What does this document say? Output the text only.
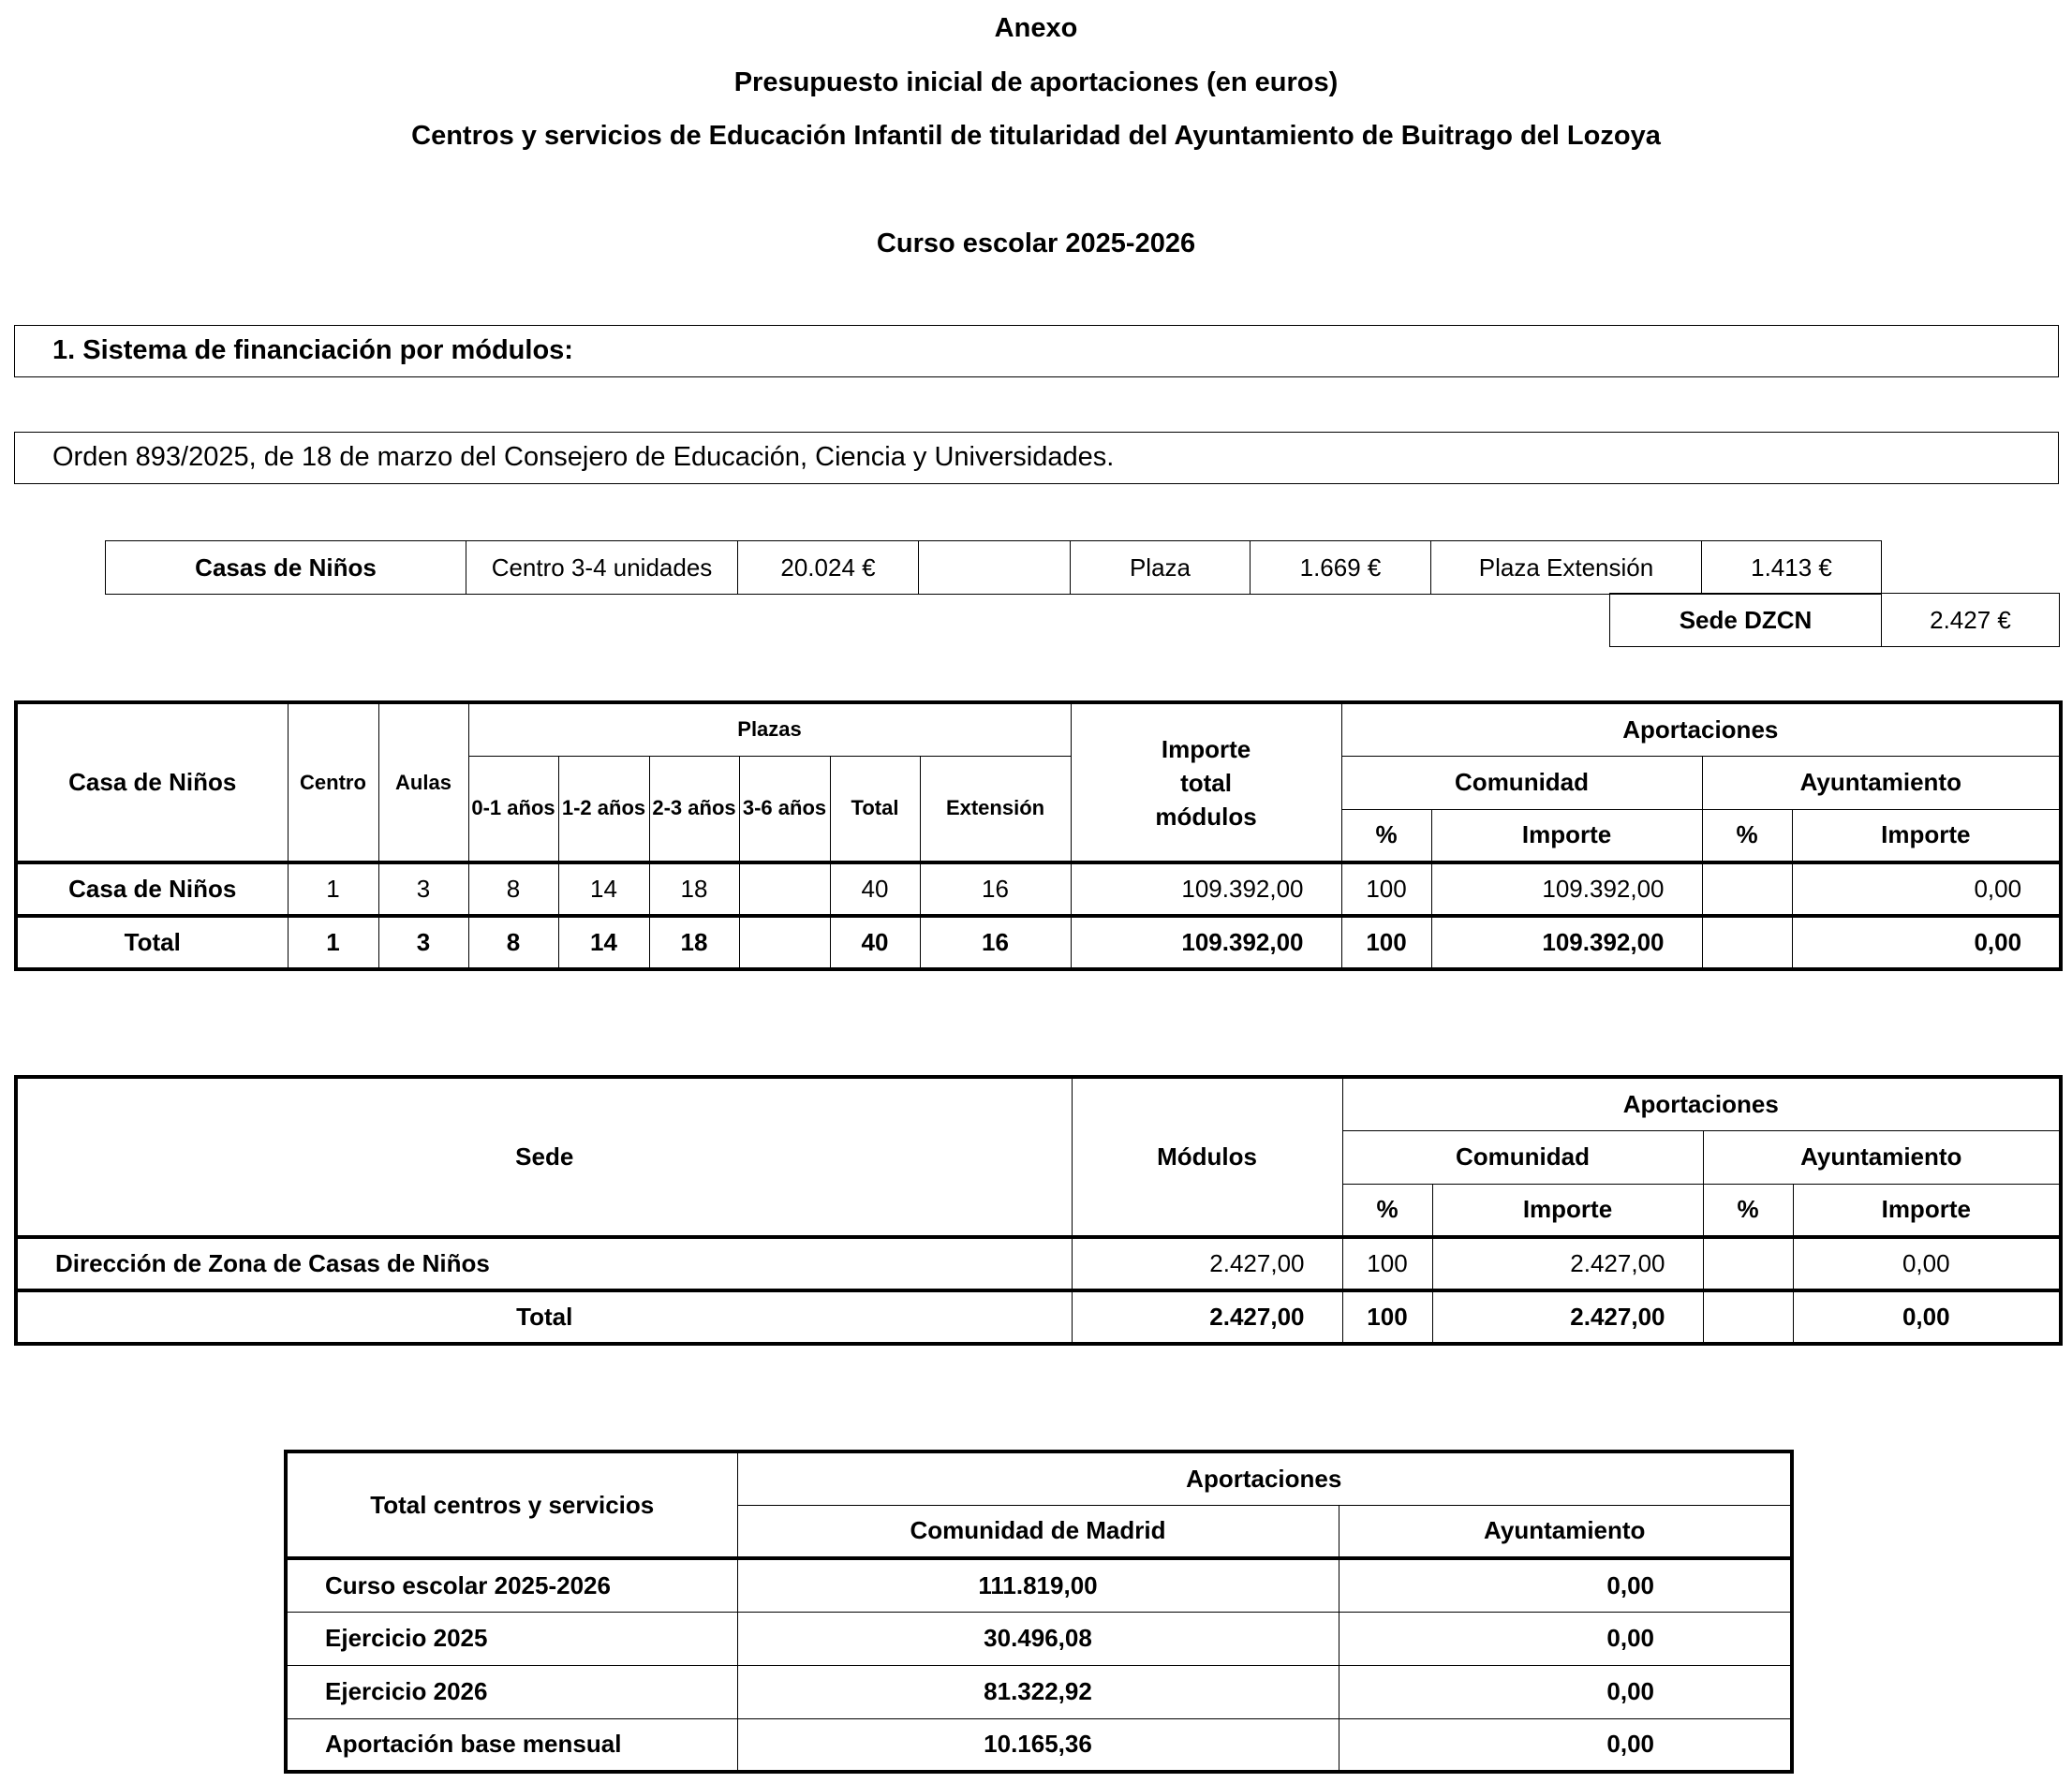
Anexo
Presupuesto inicial de aportaciones (en euros)
Centros y servicios de Educación Infantil de titularidad del Ayuntamiento de Buitrago del Lozoya
Curso escolar 2025-2026
1. Sistema de financiación por módulos:
Orden 893/2025, de 18 de marzo del Consejero de Educación, Ciencia y Universidades.
Casas de Niños	Centro 3-4 unidades	20.024 €		Plaza	1.669 €	Plaza Extensión	1.413 €	
Sede DZCN	2.427 €
Casa de Niños	Centro	Aulas	Plazas						Importe
total
módulos	Aportaciones			
			0-1 años	1-2 años	2-3 años	3-6 años	Total	Extensión		Comunidad		Ayuntamiento	
										%	Importe	%	Importe
Casa de Niños	1	3	8	14	18		40	16	109.392,00	100	109.392,00		0,00
Total	1	3	8	14	18		40	16	109.392,00	100	109.392,00		0,00
Sede	Módulos	Aportaciones			
		Comunidad		Ayuntamiento	
		%	Importe	%	Importe
Dirección de Zona de Casas de Niños	2.427,00	100	2.427,00		0,00
Total	2.427,00	100	2.427,00		0,00
Total centros y servicios	Aportaciones	
	Comunidad de Madrid	Ayuntamiento
Curso escolar 2025-2026	111.819,00	0,00
Ejercicio 2025	30.496,08	0,00
Ejercicio 2026	81.322,92	0,00
Aportación base mensual	10.165,36	0,00
